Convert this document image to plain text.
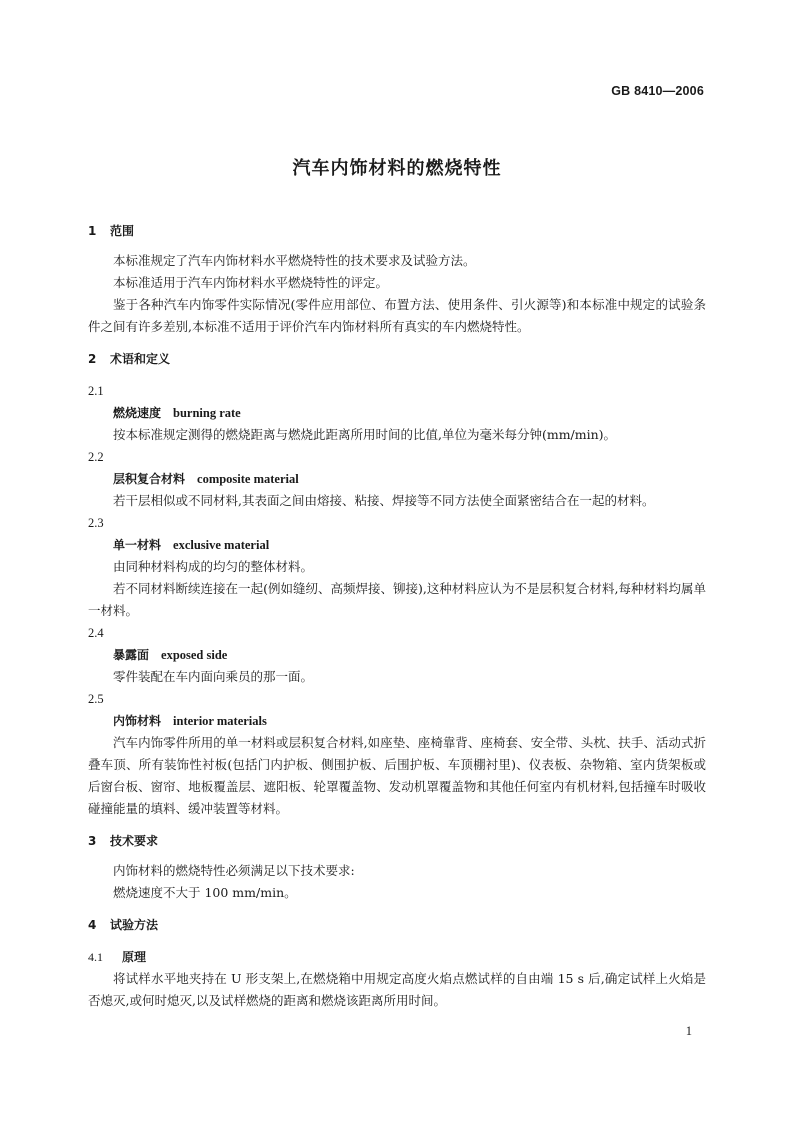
GB 8410—2006
汽车内饰材料的燃烧特性
1 范围

本标准规定了汽车内饰材料水平燃烧特性的技术要求及试验方法。

本标准适用于汽车内饰材料水平燃烧特性的评定。

鉴于各种汽车内饰零件实际情况(零件应用部位、布置方法、使用条件、引火源等)和本标准中规定的试验条件之间有许多差别,本标准不适用于评价汽车内饰材料所有真实的车内燃烧特性。

2 术语和定义
2.1
燃烧速度 burning rate

按本标准规定测得的燃烧距离与燃烧此距离所用时间的比值,单位为毫米每分钟(mm/min)。

2.2
层积复合材料 composite material

若干层相似或不同材料,其表面之间由熔接、粘接、焊接等不同方法使全面紧密结合在一起的材料。

2.3
单一材料 exclusive material

由同种材料构成的均匀的整体材料。

若不同材料断续连接在一起(例如缝纫、高频焊接、铆接),这种材料应认为不是层积复合材料,每种材料均属单一材料。

2.4
暴露面 exposed side

零件装配在车内面向乘员的那一面。

2.5
内饰材料 interior materials

汽车内饰零件所用的单一材料或层积复合材料,如座垫、座椅靠背、座椅套、安全带、头枕、扶手、活动式折叠车顶、所有装饰性衬板(包括门内护板、侧围护板、后围护板、车顶棚衬里)、仪表板、杂物箱、室内货架板或后窗台板、窗帘、地板覆盖层、遮阳板、轮罩覆盖物、发动机罩覆盖物和其他任何室内有机材料,包括撞车时吸收碰撞能量的填料、缓冲装置等材料。

3 技术要求

内饰材料的燃烧特性必须满足以下技术要求:

燃烧速度不大于 100 mm/min。

4 试验方法
4.1 原理

将试样水平地夹持在 U 形支架上,在燃烧箱中用规定高度火焰点燃试样的自由端 15 s 后,确定试样上火焰是否熄灭,或何时熄灭,以及试样燃烧的距离和燃烧该距离所用时间。

1
